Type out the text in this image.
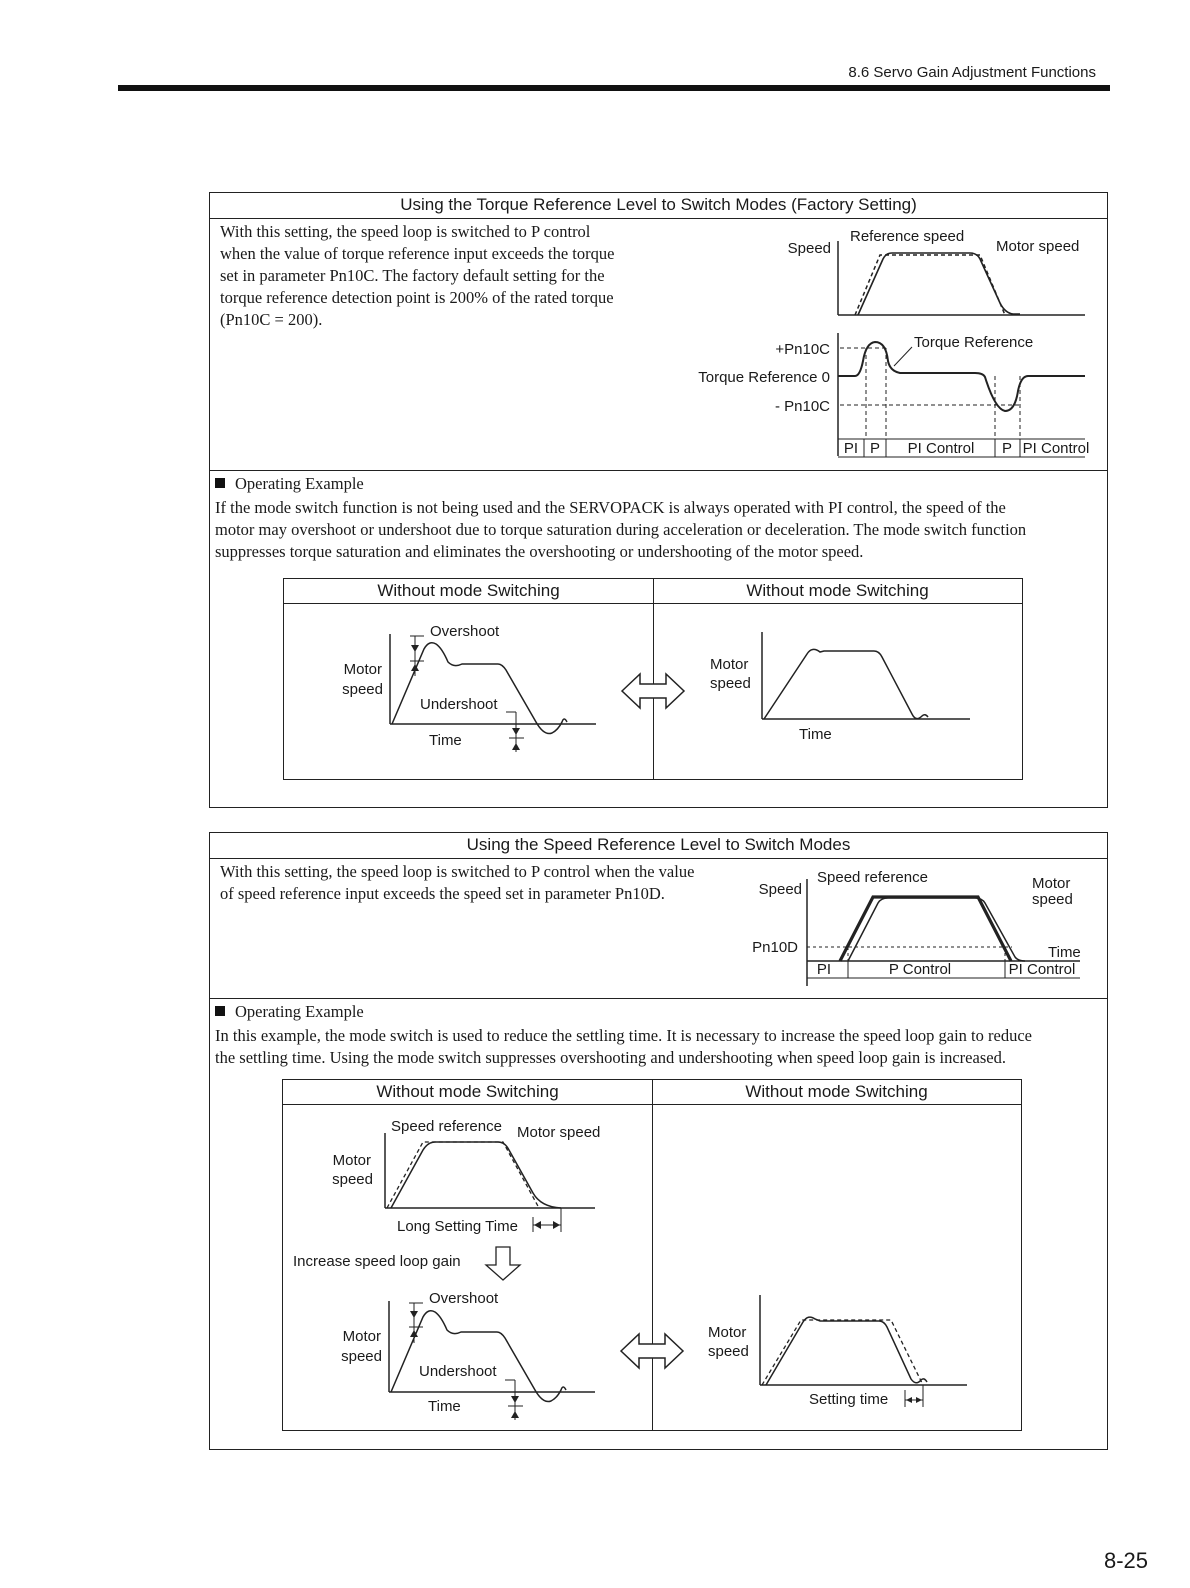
8.6 Servo Gain Adjustment Functions
Using the Torque Reference Level to Switch Modes (Factory Setting)
With this setting, the speed loop is switched to P control
when the value of torque reference input exceeds the torque
set in parameter Pn10C. The factory default setting for the
torque reference detection point is 200% of the rated torque
(Pn10C = 200).
Speed
Reference speed
Motor speed
+Pn10C
Torque Reference 0
- Pn10C
Torque Reference
PI P PI Control P PI Control
Operating Example
If the mode switch function is not being used and the SERVOPACK is always operated with PI control, the speed of the
motor may overshoot or undershoot due to torque saturation during acceleration or deceleration. The mode switch function
suppresses torque saturation and eliminates the overshooting or undershooting of the motor speed.
Without mode Switching	Without mode Switching
Overshoot
Motor
speed
Undershoot
Time
Motor
speed
Time
Using the Speed Reference Level to Switch Modes
With this setting, the speed loop is switched to P control when the value
of speed reference input exceeds the speed set in parameter Pn10D.	Speed
Speed reference	Motor
speed
Pn10D	Time
PI	P Control	PI Control
Operating Example
In this example, the mode switch is used to reduce the settling time. It is necessary to increase the speed loop gain to reduce
the settling time. Using the mode switch suppresses overshooting and undershooting when speed loop gain is increased.
Without mode Switching	Without mode Switching
Speed reference Motor speed
Motor
speed
Long Setting Time
Increase speed loop gain
Overshoot
Motor
speed
Undershoot
Time
Motor
speed
Setting time
8-25
